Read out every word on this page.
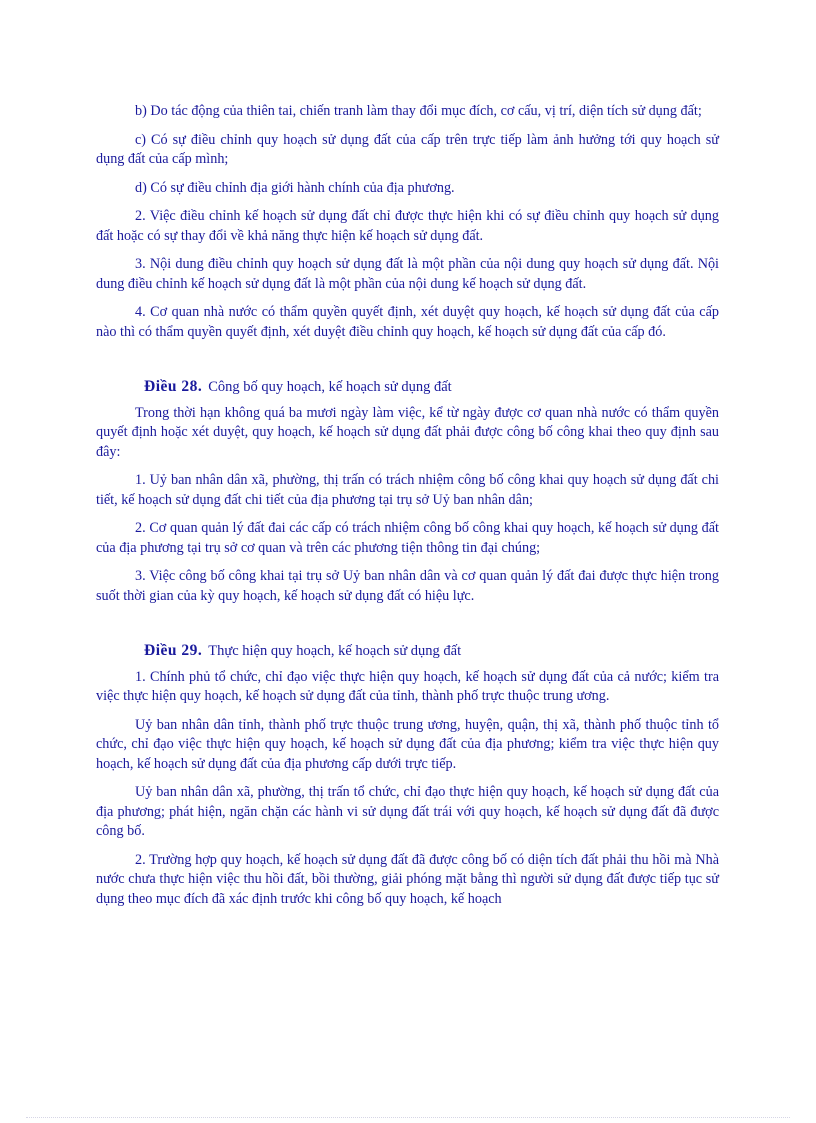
b) Do tác động của thiên tai, chiến tranh làm thay đổi mục đích, cơ cấu, vị trí, diện tích sử dụng đất;

c) Có sự điều chỉnh quy hoạch sử dụng đất của cấp trên trực tiếp làm ảnh hưởng tới quy hoạch sử dụng đất của cấp mình;

d) Có sự điều chỉnh địa giới hành chính của địa phương.

2. Việc điều chỉnh kế hoạch sử dụng đất chỉ được thực hiện khi có sự điều chỉnh quy hoạch sử dụng đất hoặc có sự thay đổi về khả năng thực hiện kế hoạch sử dụng đất.

3. Nội dung điều chỉnh quy hoạch sử dụng đất là một phần của nội dung quy hoạch sử dụng đất. Nội dung điều chỉnh kế hoạch sử dụng đất là một phần của nội dung kế hoạch sử dụng đất.

4. Cơ quan nhà nước có thẩm quyền quyết định, xét duyệt quy hoạch, kế hoạch sử dụng đất của cấp nào thì có thẩm quyền quyết định, xét duyệt điều chỉnh quy hoạch, kế hoạch sử dụng đất của cấp đó.

Điều 28. Công bố quy hoạch, kế hoạch sử dụng đất

Trong thời hạn không quá ba mươi ngày làm việc, kể từ ngày được cơ quan nhà nước có thẩm quyền quyết định hoặc xét duyệt, quy hoạch, kế hoạch sử dụng đất phải được công bố công khai theo quy định sau đây:

1. Uỷ ban nhân dân xã, phường, thị trấn có trách nhiệm công bố công khai quy hoạch sử dụng đất chi tiết, kế hoạch sử dụng đất chi tiết của địa phương tại trụ sở Uỷ ban nhân dân;

2. Cơ quan quản lý đất đai các cấp có trách nhiệm công bố công khai quy hoạch, kế hoạch sử dụng đất của địa phương tại trụ sở cơ quan và trên các phương tiện thông tin đại chúng;

3. Việc công bố công khai tại trụ sở Uỷ ban nhân dân và cơ quan quản lý đất đai được thực hiện trong suốt thời gian của kỳ quy hoạch, kế hoạch sử dụng đất có hiệu lực.

Điều 29. Thực hiện quy hoạch, kế hoạch sử dụng đất

1. Chính phủ tổ chức, chỉ đạo việc thực hiện quy hoạch, kế hoạch sử dụng đất của cả nước; kiểm tra việc thực hiện quy hoạch, kế hoạch sử dụng đất của tỉnh, thành phố trực thuộc trung ương.

Uỷ ban nhân dân tỉnh, thành phố trực thuộc trung ương, huyện, quận, thị xã, thành phố thuộc tỉnh tổ chức, chỉ đạo việc thực hiện quy hoạch, kế hoạch sử dụng đất của địa phương; kiểm tra việc thực hiện quy hoạch, kế hoạch sử dụng đất của địa phương cấp dưới trực tiếp.

Uỷ ban nhân dân xã, phường, thị trấn tổ chức, chỉ đạo thực hiện quy hoạch, kế hoạch sử dụng đất của địa phương; phát hiện, ngăn chặn các hành vi sử dụng đất trái với quy hoạch, kế hoạch sử dụng đất đã được công bố.

2. Trường hợp quy hoạch, kế hoạch sử dụng đất đã được công bố có diện tích đất phải thu hồi mà Nhà nước chưa thực hiện việc thu hồi đất, bồi thường, giải phóng mặt bằng thì người sử dụng đất được tiếp tục sử dụng theo mục đích đã xác định trước khi công bố quy hoạch, kế hoạch
